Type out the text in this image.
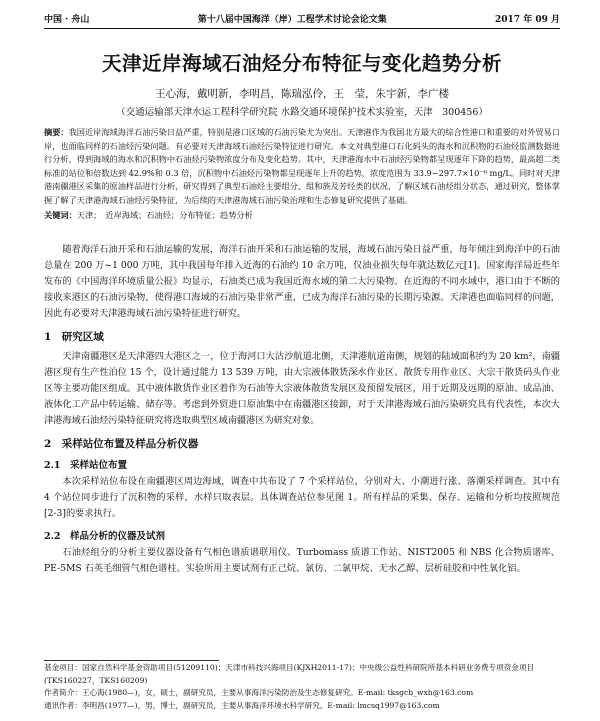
中国 · 舟山	第十八届中国海洋（岸）工程学术讨论会论文集	2017 年 09 月
天津近岸海域石油烃分布特征与变化趋势分析

王心海，戴明新，李明昌，陈瑞泓伶，王　莹，朱宇新，李广楼

（交通运输部天津水运工程科学研究院 水路交通环境保护技术实验室，天津　300456）

摘要：我国近岸海域海洋石油污染日益严重，特别是港口区域的石油污染尤为突出。天津港作为我国北方最大的综合性港口和重要的对外贸易口岸，也面临同样的石油烃污染问题。有必要对天津海域石油烃污染特征进行研究。本文对典型港口石化码头的海水和沉积物的石油烃监测数据进行分析，得到海域的海水和沉积物中石油烃污染物浓度分布及变化趋势。其中，天津港海水中石油烃污染物都呈现逐年下降的趋势，最高超二类标准的站位和倍数达到 42.9%和 0.3 倍，沉积物中石油烃污染物都呈现逐年上升的趋势，浓度范围为 33.9~297.7×10⁻⁶ mg/L。同时对天津港南疆港区采集的原油样品进行分析，研究得到了典型石油烃主要组分、组和族及芳烃类的状况，了解区域石油烃组分状态，通过研究，整体掌握了解了天津港海域石油烃污染特征，为后续的天津港海域石油污染治理和生态修复研究提供了基础。

关键词：天津；　近岸海域；石油烃；分布特征；趋势分析

随着海洋石油开采和石油运输的发展，海洋石油开采和石油运输的发展，海域石油污染日益严重，每年倾注到海洋中的石油总量在 200 万~1 000 万吨，其中我国每年排入近海的石油约 10 余万吨，仅油业损失每年就达数亿元[1]。国家海洋局近些年发布的《中国海洋环境质量公报》均显示，石油类已成为我国近海水域的第二大污染物。在近海的不同水域中，港口由于不断的接收来港区的石油污染物，使得港口海域的石油污染非常严重，已成为海洋石油污染的长期污染源。天津港也面临同样的问题，因此有必要对天津港海域石油污染特征进行研究。

1　研究区域

天津南疆港区是天津港四大港区之一，位于海河口大沽沙航道北侧，天津港航道南侧，规划的陆域面积约为 20 km²，南疆港区现有生产性泊位 15 个，设计通过能力 13 539 万吨，由大宗液体散货深水作业区、散货专用作业区、大宗干散货码头作业区等主要功能区组成。其中液体散货作业区着作为石油等大宗液体散货发展区及预留发展区，用于近期及远期的原油、成品油、液体化工产品中转运输、储存等。考虑到外贸进口原油集中在南疆港区接卸，对于天津港海域石油污染研究具有代表性，本次大津港海域石油烃污染特征研究将选取典型区域南疆港区为研究对象。

2　采样站位布置及样品分析仪器
2.1　采样站位布置

本次采样站位布设在南疆港区周边海域，调查中共布设了 7 个采样站位，分别对大、小潮进行涨、落潮采样调查。其中有 4 个站位同步进行了沉积物的采样，水样只取表层。具体调查站位参见图 1。所有样品的采集、保存、运输和分析均按照规范[2-3]的要求执行。

2.2　样品分析的仪器及试剂

石油烃组分的分析主要仪器设备有气相色谱质谱联用仪、Turbomass 质谱工作站、NIST2005 和 NBS 化合物质谱库、PE-5MS 石英毛细管气相色谱柱。实验所用主要试剂有正己烷、氯仿、二氯甲烷、无水乙醇、层析硅胶和中性氧化铝。

基金项目：国家自然科学基金资助项目(51209110)；天津市科技兴海项目(KJXH2011-17)；中央级公益性科研院所基本科研业务费专项资金项目(TKS160227，TKS160209)

作者简介：王心海(1980—)，女，硕士，副研究员，主要从事海洋污染防治及生态修复研究。E-mail: tksgcb_wxh@163.com

通讯作者：李明昌(1977—)，男，博士，副研究员，主要从事海洋环境水科学研究。E-mail: lmcsq1997@163.com
